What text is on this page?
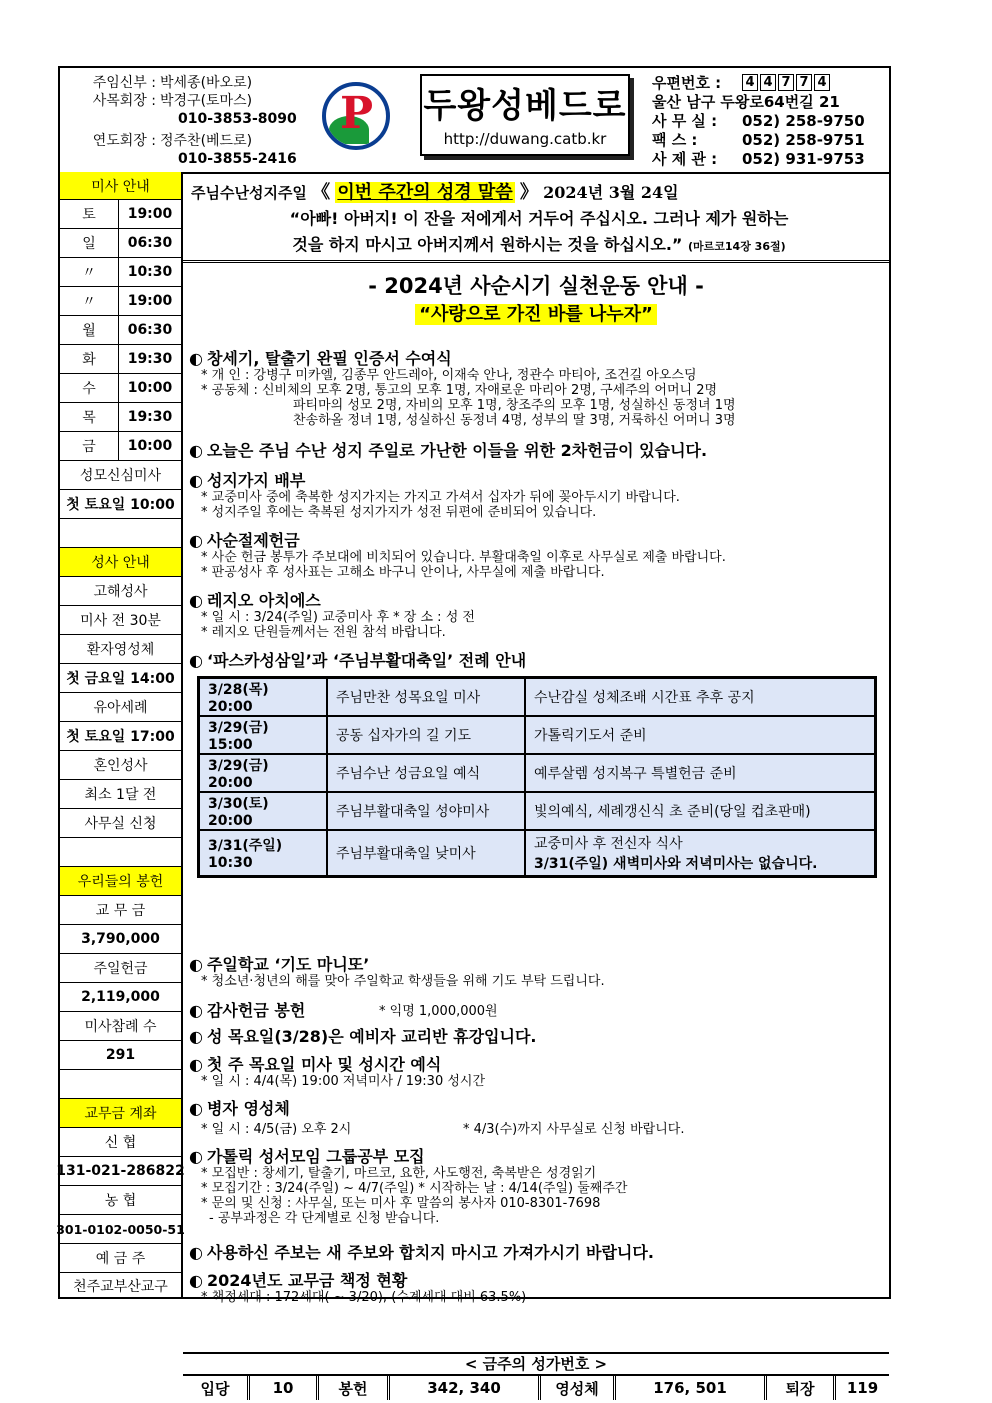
주임신부 : 박세종(바오로)
사목회장 : 박경구(토마스)
010-3853-8090
연도회장 : 정주찬(베드로)
010-3855-2416
P 두왕성베드로
http://duwang.catb.kr
우편번호 :	4 4 7 7 4
울산 남구 두왕로64번길 21
사 무 실 :	052) 258-9750
팩 스 :	052) 258-9751
사 제 관 :	052) 931-9753
미사 안내
토	19:00
일	06:30
〃	10:30
〃	19:00
월	06:30
화	19:30
수	10:00
목	19:30
금	10:00
성모신심미사
첫 토요일 10:00
성사 안내
고해성사
미사 전 30분
환자영성체
첫 금요일 14:00
유아세례
첫 토요일 17:00
혼인성사
최소 1달 전
사무실 신청
우리들의 봉헌
교 무 금
3,790,000
주일헌금
2,119,000
미사참례 수
291
교무금 계좌
신 협
131-021-286822
농 협
301-0102-0050-51
예 금 주
천주교부산교구
주님수난성지주일 《 이번 주간의 성경 말씀 》 2024년 3월 24일
“아빠! 아버지! 이 잔을 저에게서 거두어 주십시오. 그러나 제가 원하는
것을 하지 마시고 아버지께서 원하시는 것을 하십시오.” (마르코14장 36절)
- 2024년 사순시기 실천운동 안내 -
“사랑으로 가진 바를 나누자”
◐ 창세기, 탈출기 완필 인증서 수여식
* 개 인 : 강병구 미카엘, 김종무 안드레아, 이재숙 안나, 정관수 마티아, 조건길 아오스딩
* 공동체 : 신비체의 모후 2명, 통고의 모후 1명, 자애로운 마리아 2명, 구세주의 어머니 2명
파티마의 성모 2명, 자비의 모후 1명, 창조주의 모후 1명, 성실하신 동정녀 1명
찬송하올 정녀 1명, 성실하신 동정녀 4명, 성부의 딸 3명, 거룩하신 어머니 3명
◐ 오늘은 주님 수난 성지 주일로 가난한 이들을 위한 2차헌금이 있습니다.
◐ 성지가지 배부
* 교중미사 중에 축복한 성지가지는 가지고 가셔서 십자가 뒤에 꽂아두시기 바랍니다.
* 성지주일 후에는 축복된 성지가지가 성전 뒤편에 준비되어 있습니다.
◐ 사순절제헌금
* 사순 헌금 봉투가 주보대에 비치되어 있습니다. 부활대축일 이후로 사무실로 제출 바랍니다.
* 판공성사 후 성사표는 고해소 바구니 안이나, 사무실에 제출 바랍니다.
◐ 레지오 아치에스
* 일 시 : 3/24(주일) 교중미사 후 * 장 소 : 성 전
* 레지오 단원들께서는 전원 참석 바랍니다.
◐ ‘파스카성삼일’과 ‘주님부활대축일’ 전례 안내
3/28(목) 20:00	주님만찬 성목요일 미사	수난감실 성체조배 시간표 추후 공지
3/29(금) 15:00	공동 십자가의 길 기도	가톨릭기도서 준비
3/29(금) 20:00	주님수난 성금요일 예식	예루살렘 성지복구 특별헌금 준비
3/30(토) 20:00	주님부활대축일 성야미사	빛의예식, 세례갱신식 초 준비(당일 컵초판매)
3/31(주일) 10:30	주님부활대축일 낮미사	교중미사 후 전신자 식사
3/31(주일) 새벽미사와 저녁미사는 없습니다.
◐ 주일학교 ‘기도 마니또’
* 청소년·청년의 해를 맞아 주일학교 학생들을 위해 기도 부탁 드립니다.
◐ 감사헌금 봉헌	* 익명 1,000,000원
◐ 성 목요일(3/28)은 예비자 교리반 휴강입니다.
◐ 첫 주 목요일 미사 및 성시간 예식
* 일 시 : 4/4(목) 19:00 저녁미사 / 19:30 성시간
◐ 병자 영성체
* 일 시 : 4/5(금) 오후 2시	* 4/3(수)까지 사무실로 신청 바랍니다.
◐ 가톨릭 성서모임 그룹공부 모집
* 모집반 : 창세기, 탈출기, 마르코, 요한, 사도행전, 축복받은 성경읽기
* 모집기간 : 3/24(주일) ~ 4/7(주일) * 시작하는 날 : 4/14(주일) 둘째주간
* 문의 및 신청 : 사무실, 또는 미사 후 말씀의 봉사자 010-8301-7698
- 공부과정은 각 단계별로 신청 받습니다.
◐ 사용하신 주보는 새 주보와 합치지 마시고 가져가시기 바랍니다.
◐ 2024년도 교무금 책정 현황
* 책정세대 : 172세대( ~ 3/20), (수계세대 대비 63.5%)
< 금주의 성가번호 >
입당	10	봉헌	342, 340	영성체	176, 501	퇴장	119
